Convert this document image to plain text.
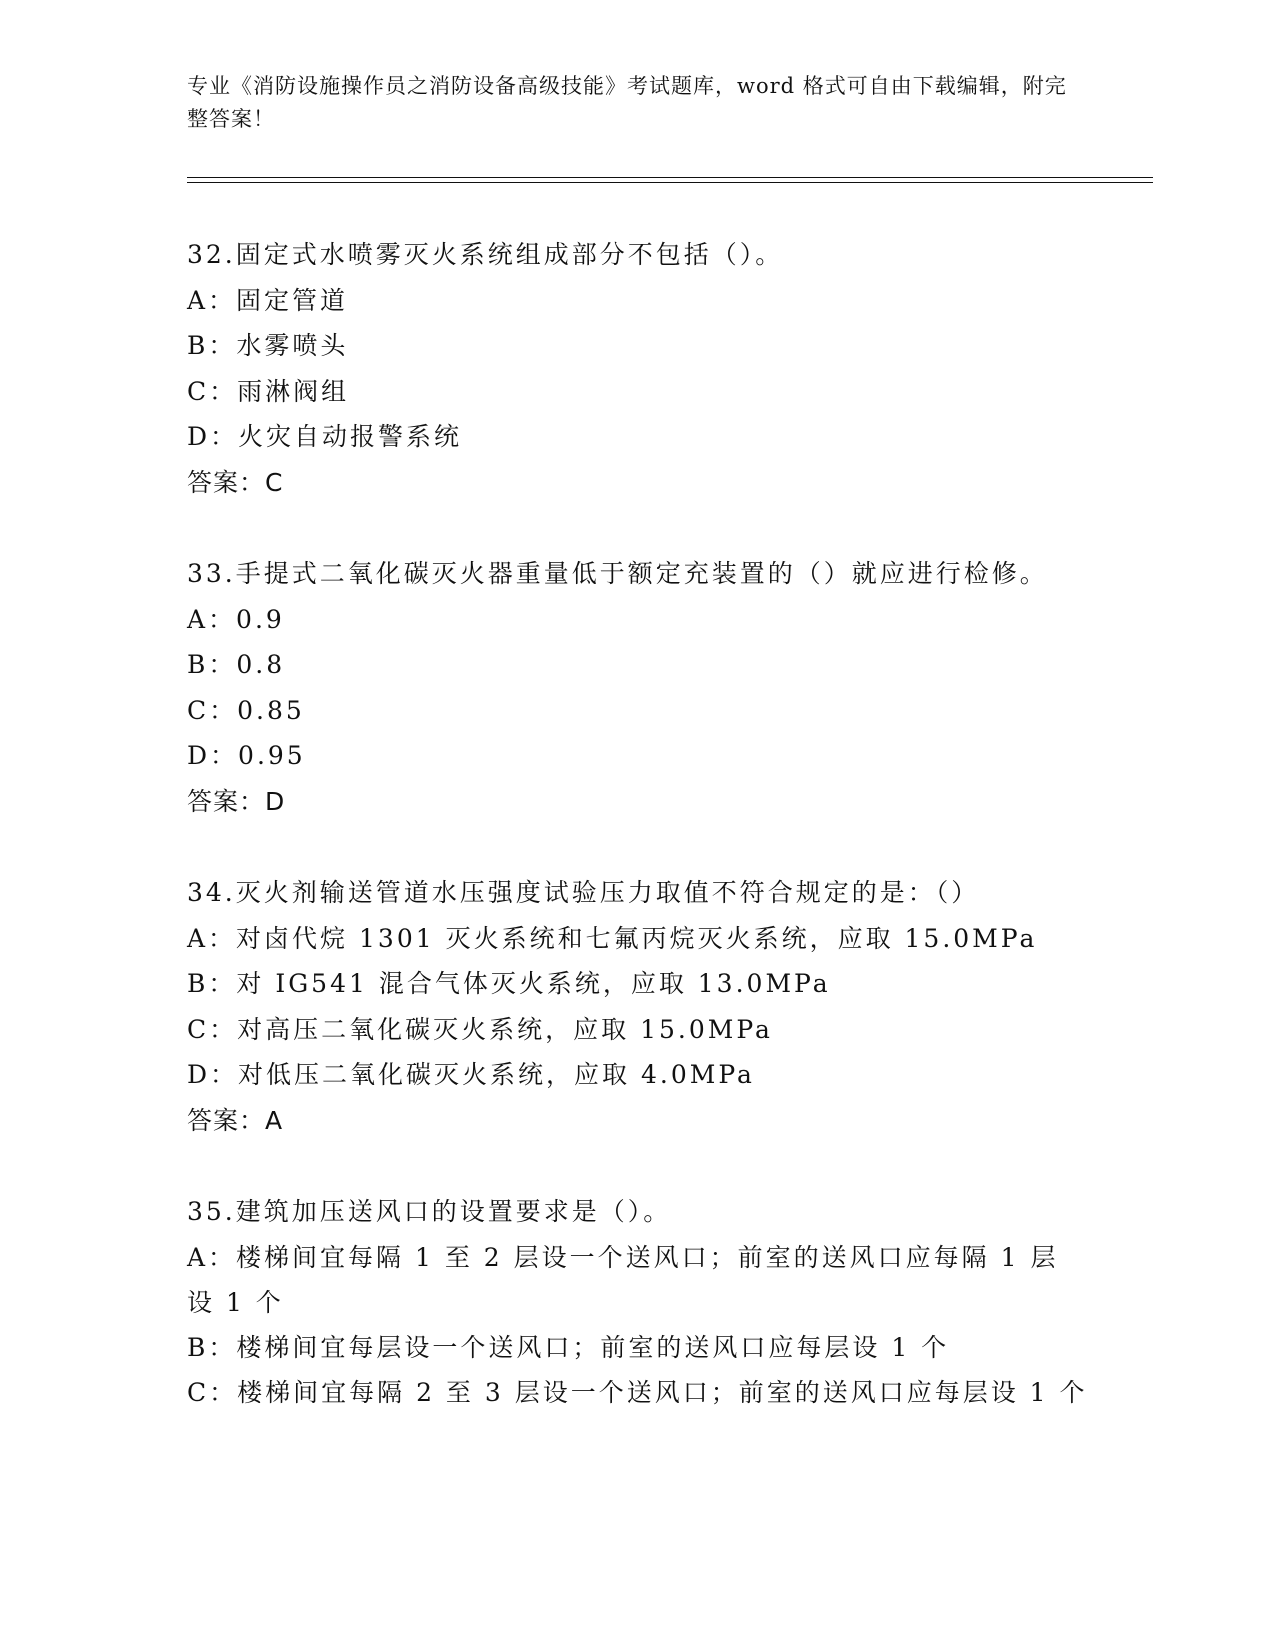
专业《消防设施操作员之消防设备高级技能》考试题库，word 格式可自由下载编辑，附完整答案！
32.固定式水喷雾灭火系统组成部分不包括（）。
A：固定管道
B：水雾喷头
C：雨淋阀组
D：火灾自动报警系统
答案：C
33.手提式二氧化碳灭火器重量低于额定充装置的（）就应进行检修。
A：0.9
B：0.8
C：0.85
D：0.95
答案：D
34.灭火剂输送管道水压强度试验压力取值不符合规定的是：（）
A：对卤代烷 1301 灭火系统和七氟丙烷灭火系统，应取 15.0MPa
B：对 IG541 混合气体灭火系统，应取 13.0MPa
C：对高压二氧化碳灭火系统，应取 15.0MPa
D：对低压二氧化碳灭火系统，应取 4.0MPa
答案：A
35.建筑加压送风口的设置要求是（）。
A：楼梯间宜每隔 1 至 2 层设一个送风口；前室的送风口应每隔 1 层设 1 个
B：楼梯间宜每层设一个送风口；前室的送风口应每层设 1 个
C：楼梯间宜每隔 2 至 3 层设一个送风口；前室的送风口应每层设 1 个
